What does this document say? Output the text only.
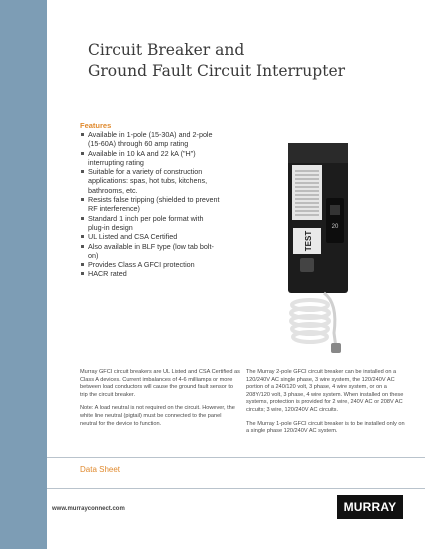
Circuit Breaker and
Ground Fault Circuit Interrupter
Features
Available in 1-pole (15-30A) and 2-pole (15-60A) through 60 amp rating
Available in 10 kA and 22 kA ("H") interrupting rating
Suitable for a variety of construction applications: spas, hot tubs, kitchens, bathrooms, etc.
Resists false tripping (shielded to prevent RF interference)
Standard 1 inch per pole format with plug-in design
UL Listed and CSA Certified
Also available in BLF type (low tab bolt-on)
Provides Class A GFCI protection
HACR rated
20
TEST

Murray GFCI circuit breakers are UL Listed and CSA Certified as Class A devices. Current imbalances of 4-6 milliamps or more between load conductors will cause the ground fault sensor to trip the circuit breaker.

Note: A load neutral is not required on the circuit. However, the white line neutral (pigtail) must be connected to the panel neutral for the device to function.

The Murray 2-pole GFCI circuit breaker can be installed on a 120/240V AC single phase, 3 wire system, the 120/240V AC portion of a 240/120 volt, 3 phase, 4 wire system, or on a 208Y/120 volt, 3 phase, 4 wire system. When installed on these systems, protection is provided for 2 wire, 240V AC or 208V AC circuits; 3 wire, 120/240V AC circuits.

The Murray 1-pole GFCI circuit breaker is to be installed only on a single phase 120/240V AC system.

Data Sheet
www.murrayconnect.com	MURRAY
